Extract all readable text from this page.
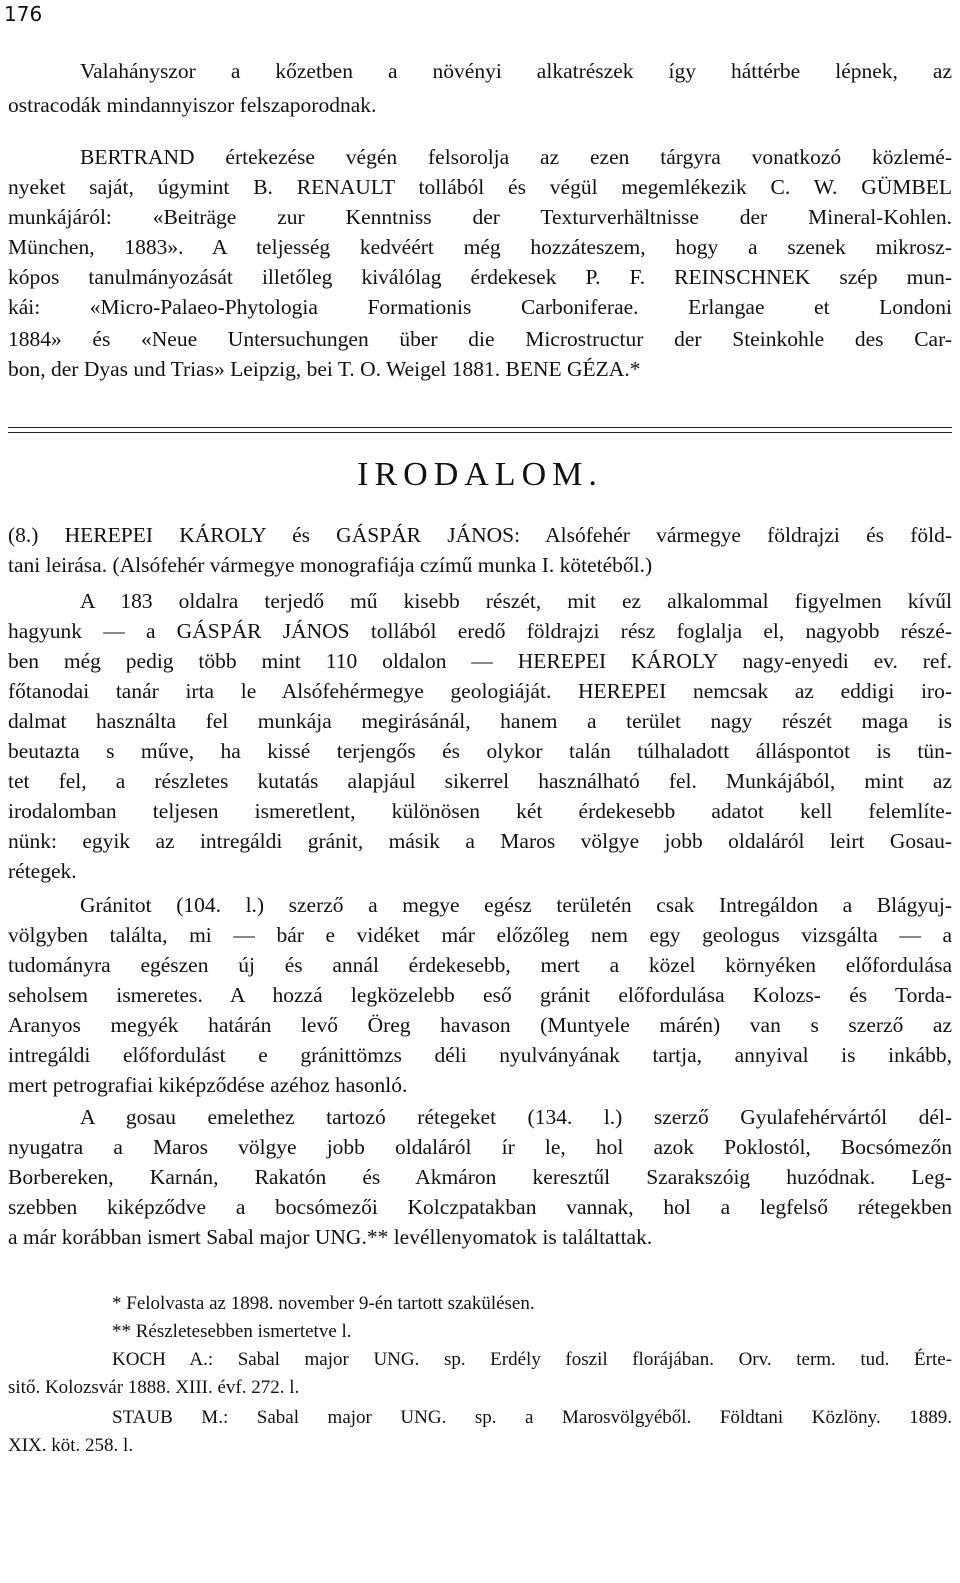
176
Valahányszor a kőzetben a növényi alkatrészek így háttérbe lépnek, az
ostracodák mindannyiszor felszaporodnak.
BERTRAND értekezése végén felsorolja az ezen tárgyra vonatkozó közlemé-
nyeket saját, úgymint B. RENAULT tollából és végül megemlékezik C. W. GÜMBEL
munkájáról: «Beiträge zur Kenntniss der Texturverhältnisse der Mineral-Kohlen.
München, 1883». A teljesség kedvéért még hozzáteszem, hogy a szenek mikrosz-
kópos tanulmányozását illetőleg kiválólag érdekesek P. F. REINSCHNEK szép mun-
kái: «Micro-Palaeo-Phytologia Formationis Carboniferae. Erlangae et Londoni
1884» és «Neue Untersuchungen über die Microstructur der Steinkohle des Car-
bon, der Dyas und Trias» Leipzig, bei T. O. Weigel 1881. BENE GÉZA.*
IRODALOM.
(8.) HEREPEI KÁROLY és GÁSPÁR JÁNOS: Alsófehér vármegye földrajzi és föld-
tani leirása. (Alsófehér vármegye monografiája czímű munka I. kötetéből.)
A 183 oldalra terjedő mű kisebb részét, mit ez alkalommal figyelmen kívűl
hagyunk — a GÁSPÁR JÁNOS tollából eredő földrajzi rész foglalja el, nagyobb részé-
ben még pedig több mint 110 oldalon — HEREPEI KÁROLY nagy-enyedi ev. ref.
főtanodai tanár irta le Alsófehérmegye geologiáját. HEREPEI nemcsak az eddigi iro-
dalmat használta fel munkája megirásánál, hanem a terület nagy részét maga is
beutazta s műve, ha kissé terjengős és olykor talán túlhaladott álláspontot is tün-
tet fel, a részletes kutatás alapjául sikerrel használható fel. Munkájából, mint az
irodalomban teljesen ismeretlent, különösen két érdekesebb adatot kell felemlíte-
nünk: egyik az intregáldi gránit, másik a Maros völgye jobb oldaláról leirt Gosau-
rétegek.
Gránitot (104. l.) szerző a megye egész területén csak Intregáldon a Blágyuj-
völgyben találta, mi — bár e vidéket már előzőleg nem egy geologus vizsgálta — a
tudományra egészen új és annál érdekesebb, mert a közel környéken előfordulása
seholsem ismeretes. A hozzá legközelebb eső gránit előfordulása Kolozs- és Torda-
Aranyos megyék határán levő Öreg havason (Muntyele márén) van s szerző az
intregáldi előfordulást e gránittömzs déli nyulványának tartja, annyival is inkább,
mert petrografiai kiképződése azéhoz hasonló.
A gosau emelethez tartozó rétegeket (134. l.) szerző Gyulafehérvártól dél-
nyugatra a Maros völgye jobb oldaláról ír le, hol azok Poklostól, Bocsómezőn
Borbereken, Karnán, Rakatón és Akmáron keresztűl Szarakszóig huzódnak. Leg-
szebben kiképződve a bocsómezői Kolczpatakban vannak, hol a legfelső rétegekben
a már korábban ismert Sabal major UNG.** levéllenyomatok is találtattak.
* Felolvasta az 1898. november 9-én tartott szakülésen.
** Részletesebben ismertetve l.
KOCH A.: Sabal major UNG. sp. Erdély foszil florájában. Orv. term. tud. Érte-
sitő. Kolozsvár 1888. XIII. évf. 272. l.
STAUB M.: Sabal major UNG. sp. a Marosvölgyéből. Földtani Közlöny. 1889.
XIX. köt. 258. l.
